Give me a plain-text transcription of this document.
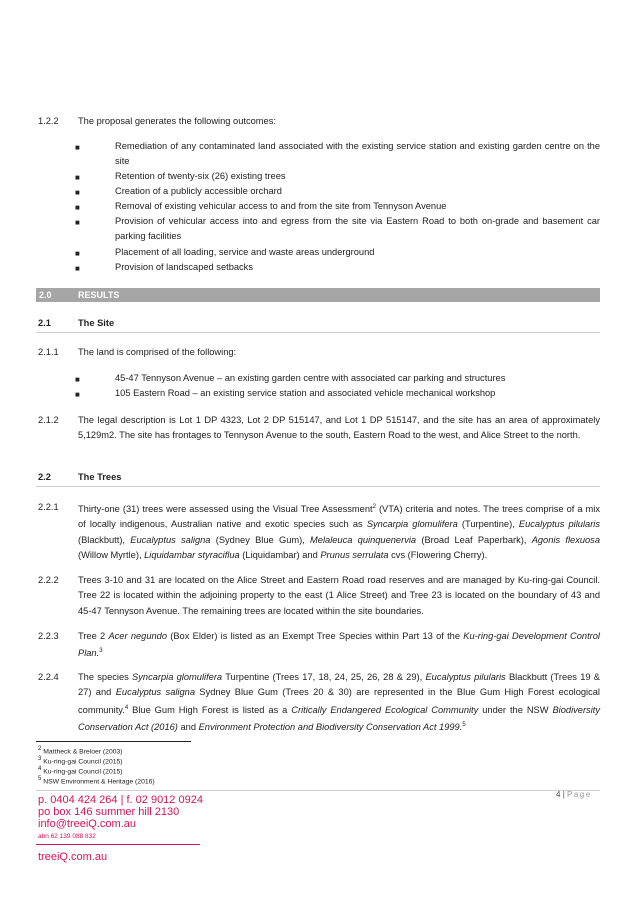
1.2.2 The proposal generates the following outcomes:
■	Remediation of any contaminated land associated with the existing service station and existing garden centre on the site
■	Retention of twenty-six (26) existing trees
■	Creation of a publicly accessible orchard
■	Removal of existing vehicular access to and from the site from Tennyson Avenue
■	Provision of vehicular access into and egress from the site via Eastern Road to both on-grade and basement car parking facilities
■	Placement of all loading, service and waste areas underground
■	Provision of landscaped setbacks
2.0	RESULTS
2.1	The Site
2.1.1 The land is comprised of the following:
■	45-47 Tennyson Avenue – an existing garden centre with associated car parking and structures
■	105 Eastern Road – an existing service station and associated vehicle mechanical workshop
2.1.2 The legal description is Lot 1 DP 4323, Lot 2 DP 515147, and Lot 1 DP 515147, and the site has an area of approximately 5,129m2. The site has frontages to Tennyson Avenue to the south, Eastern Road to the west, and Alice Street to the north.
2.2	The Trees
2.2.1 Thirty-one (31) trees were assessed using the Visual Tree Assessment$^2$ (VTA) criteria and notes. The trees comprise of a mix of locally indigenous, Australian native and exotic species such as Syncarpia glomulifera (Turpentine), Eucalyptus pilularis (Blackbutt), Eucalyptus saligna (Sydney Blue Gum), Melaleuca quinquenervia (Broad Leaf Paperbark), Agonis flexuosa (Willow Myrtle), Liquidambar styraciflua (Liquidambar) and Prunus serrulata cvs (Flowering Cherry).
2.2.2 Trees 3-10 and 31 are located on the Alice Street and Eastern Road road reserves and are managed by Ku-ring-gai Council. Tree 22 is located within the adjoining property to the east (1 Alice Street) and Tree 23 is located on the boundary of 43 and 45-47 Tennyson Avenue. The remaining trees are located within the site boundaries.
2.2.3 Tree 2 Acer negundo (Box Elder) is listed as an Exempt Tree Species within Part 13 of the Ku-ring-gai Development Control Plan.$^3$
2.2.4 The species Syncarpia glomulifera Turpentine (Trees 17, 18, 24, 25, 26, 28 & 29), Eucalyptus pilularis Blackbutt (Trees 19 & 27) and Eucalyptus saligna Sydney Blue Gum (Trees 20 & 30) are represented in the Blue Gum High Forest ecological community.$^4$ Blue Gum High Forest is listed as a Critically Endangered Ecological Community under the NSW Biodiversity Conservation Act (2016) and Environment Protection and Biodiversity Conservation Act 1999.$^5$
$^2$ Mattheck & Breloer (2003)
$^3$ Ku-ring-gai Council (2015)
$^4$ Ku-ring-gai Council (2015)
$^5$ NSW Environment & Heritage (2016)
4 | Page
p. 0404 424 264 | f. 02 9012 0924
po box 146 summer hill 2130
info@treeiQ.com.au
abn 62 139 088 832
treeiQ.com.au
